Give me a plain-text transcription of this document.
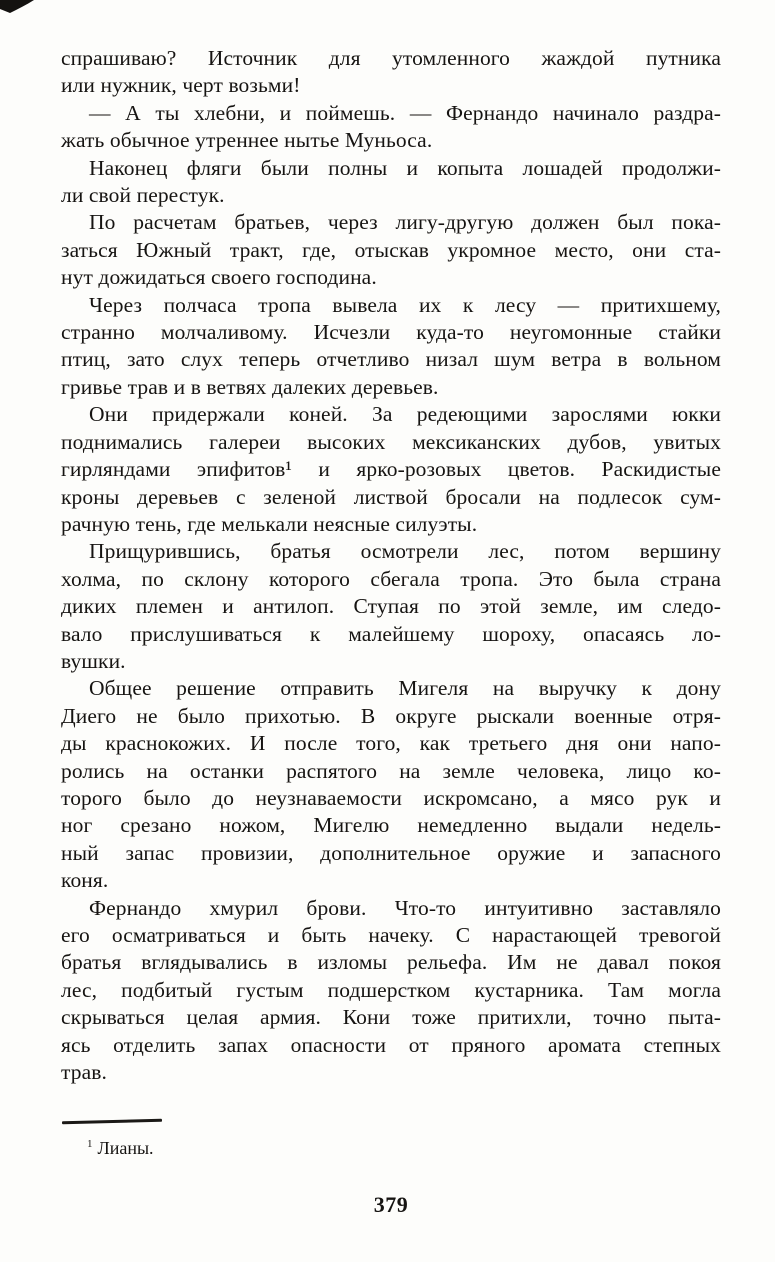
спрашиваю? Источник для утомленного жаждой путника
или нужник, черт возьми!
— А ты хлебни, и поймешь. — Фернандо начинало раздра-
жать обычное утреннее нытье Муньоса.
Наконец фляги были полны и копыта лошадей продолжи-
ли свой перестук.
По расчетам братьев, через лигу-другую должен был пока-
заться Южный тракт, где, отыскав укромное место, они ста-
нут дожидаться своего господина.
Через полчаса тропа вывела их к лесу — притихшему,
странно молчаливому. Исчезли куда-то неугомонные стайки
птиц, зато слух теперь отчетливо низал шум ветра в вольном
гривье трав и в ветвях далеких деревьев.
Они придержали коней. За редеющими зарослями юкки
поднимались галереи высоких мексиканских дубов, увитых
гирляндами эпифитов¹ и ярко-розовых цветов. Раскидистые
кроны деревьев с зеленой листвой бросали на подлесок сум-
рачную тень, где мелькали неясные силуэты.
Прищурившись, братья осмотрели лес, потом вершину
холма, по склону которого сбегала тропа. Это была страна
диких племен и антилоп. Ступая по этой земле, им следо-
вало прислушиваться к малейшему шороху, опасаясь ло-
вушки.
Общее решение отправить Мигеля на выручку к дону
Диего не было прихотью. В округе рыскали военные отря-
ды краснокожих. И после того, как третьего дня они напо-
ролись на останки распятого на земле человека, лицо ко-
торого было до неузнаваемости искромсано, а мясо рук и
ног срезано ножом, Мигелю немедленно выдали недель-
ный запас провизии, дополнительное оружие и запасного
коня.
Фернандо хмурил брови. Что-то интуитивно заставляло
его осматриваться и быть начеку. С нарастающей тревогой
братья вглядывались в изломы рельефа. Им не давал покоя
лес, подбитый густым подшерстком кустарника. Там могла
скрываться целая армия. Кони тоже притихли, точно пыта-
ясь отделить запах опасности от пряного аромата степных
трав.
$^1$ Лианы.
379
